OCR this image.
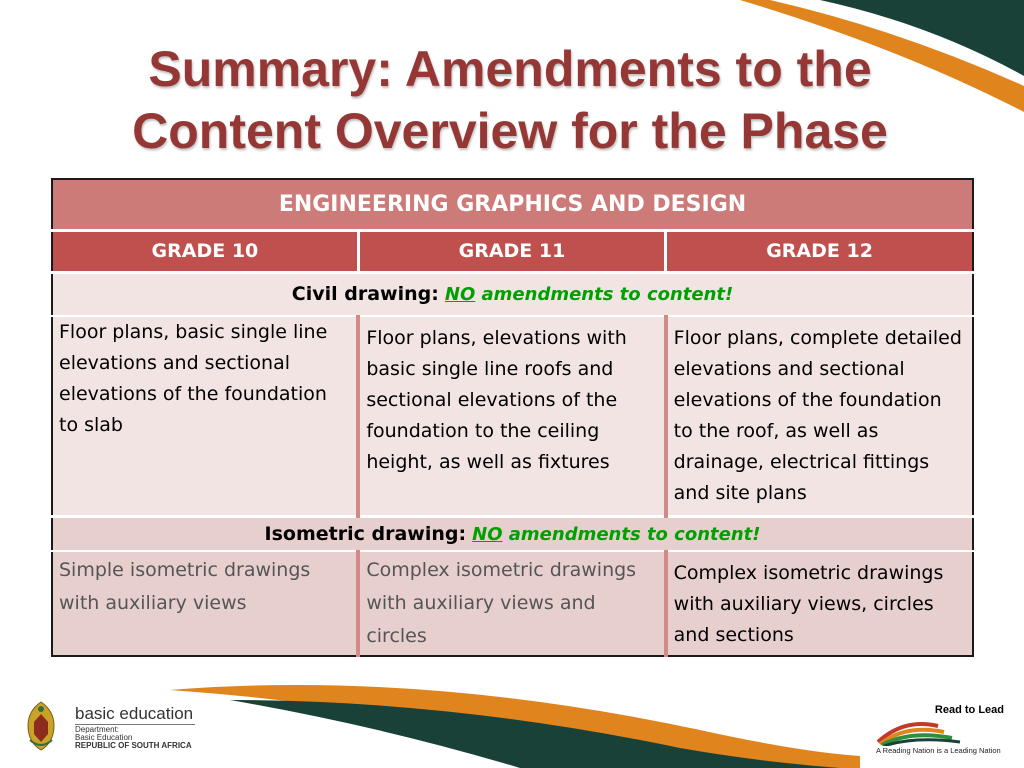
Summary: Amendments to the
Content Overview for the Phase
ENGINEERING GRAPHICS AND DESIGN		
GRADE 10	GRADE 11	GRADE 12
Civil drawing: NO amendments to content!		
Floor plans, basic single line elevations and sectional elevations of the foundation to slab	Floor plans, elevations with basic single line roofs and sectional elevations of the foundation to the ceiling height, as well as fixtures	Floor plans, complete detailed elevations and sectional elevations of the foundation to the roof, as well as drainage, electrical fittings and site plans
Isometric drawing: NO amendments to content!		
Simple isometric drawings with auxiliary views	Complex isometric drawings with auxiliary views and circles	Complex isometric drawings with auxiliary views, circles and sections
basic education
Department:
Basic Education
REPUBLIC OF SOUTH AFRICA
Read to Lead
A Reading Nation is a Leading Nation
